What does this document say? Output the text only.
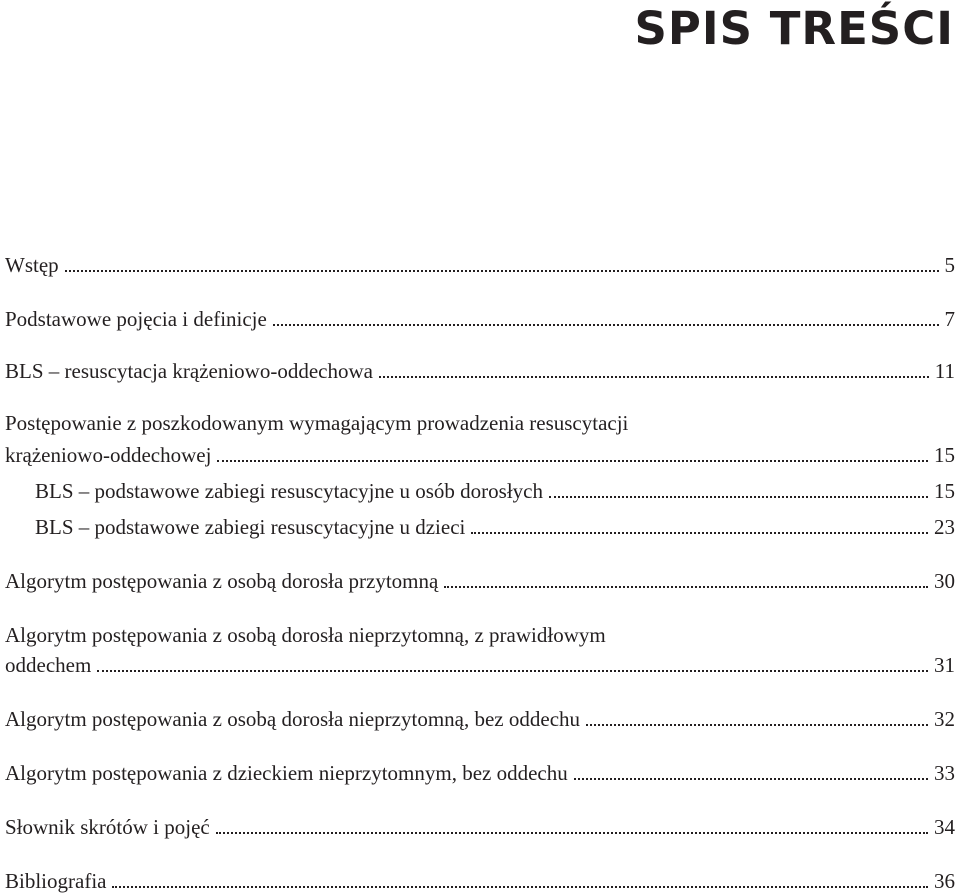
SPIS TREŚCI
Wstęp	5
Podstawowe pojęcia i definicje	7
BLS – resuscytacja krążeniowo-oddechowa	11
Postępowanie z poszkodowanym wymagającym prowadzenia resuscytacji
krążeniowo-oddechowej	15
BLS – podstawowe zabiegi resuscytacyjne u osób dorosłych	15
BLS – podstawowe zabiegi resuscytacyjne u dzieci	23
Algorytm postępowania z osobą dorosła przytomną	30
Algorytm postępowania z osobą dorosła nieprzytomną, z prawidłowym
oddechem	31
Algorytm postępowania z osobą dorosła nieprzytomną, bez oddechu	32
Algorytm postępowania z dzieckiem nieprzytomnym, bez oddechu	33
Słownik skrótów i pojęć	34
Bibliografia	36
